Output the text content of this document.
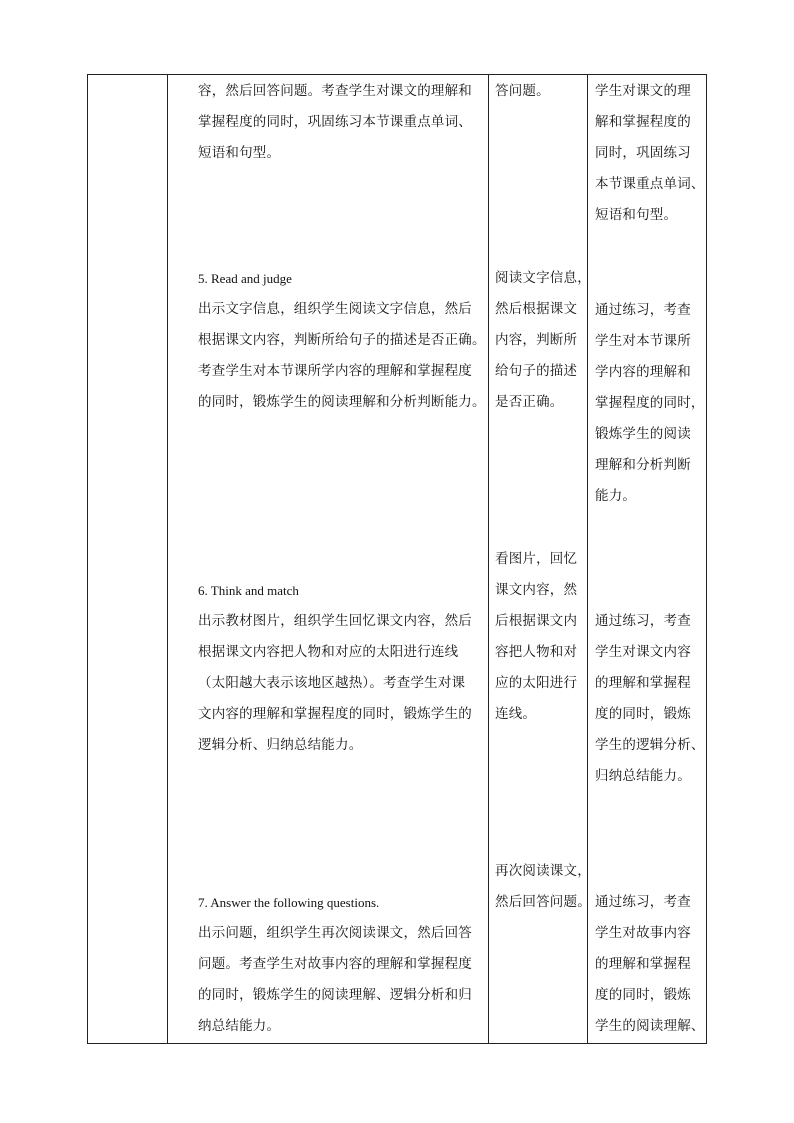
容，然后回答问题。考查学生对课文的理解和

掌握程度的同时，巩固练习本节课重点单词、

短语和句型。

答问题。	学生对课文的理

解和掌握程度的

同时，巩固练习

本节课重点单词、

短语和句型。

5. Read and judge

出示文字信息，组织学生阅读文字信息，然后

根据课文内容，判断所给句子的描述是否正确。

考查学生对本节课所学内容的理解和掌握程度

的同时，锻炼学生的阅读理解和分析判断能力。

阅读文字信息，

然后根据课文

内容，判断所

给句子的描述

是否正确。

通过练习，考查

学生对本节课所

学内容的理解和

掌握程度的同时，

锻炼学生的阅读

理解和分析判断

能力。

6. Think and match

出示教材图片，组织学生回忆课文内容，然后

根据课文内容把人物和对应的太阳进行连线

（太阳越大表示该地区越热）。考查学生对课

文内容的理解和掌握程度的同时，锻炼学生的

逻辑分析、归纳总结能力。

看图片，回忆

课文内容，然

后根据课文内

容把人物和对

应的太阳进行

连线。

通过练习，考查

学生对课文内容

的理解和掌握程

度的同时，锻炼

学生的逻辑分析、

归纳总结能力。

7. Answer the following questions.

出示问题，组织学生再次阅读课文，然后回答

问题。考查学生对故事内容的理解和掌握程度

的同时，锻炼学生的阅读理解、逻辑分析和归

纳总结能力。

再次阅读课文，

然后回答问题。 通过练习，考查

学生对故事内容

的理解和掌握程

度的同时，锻炼

学生的阅读理解、
